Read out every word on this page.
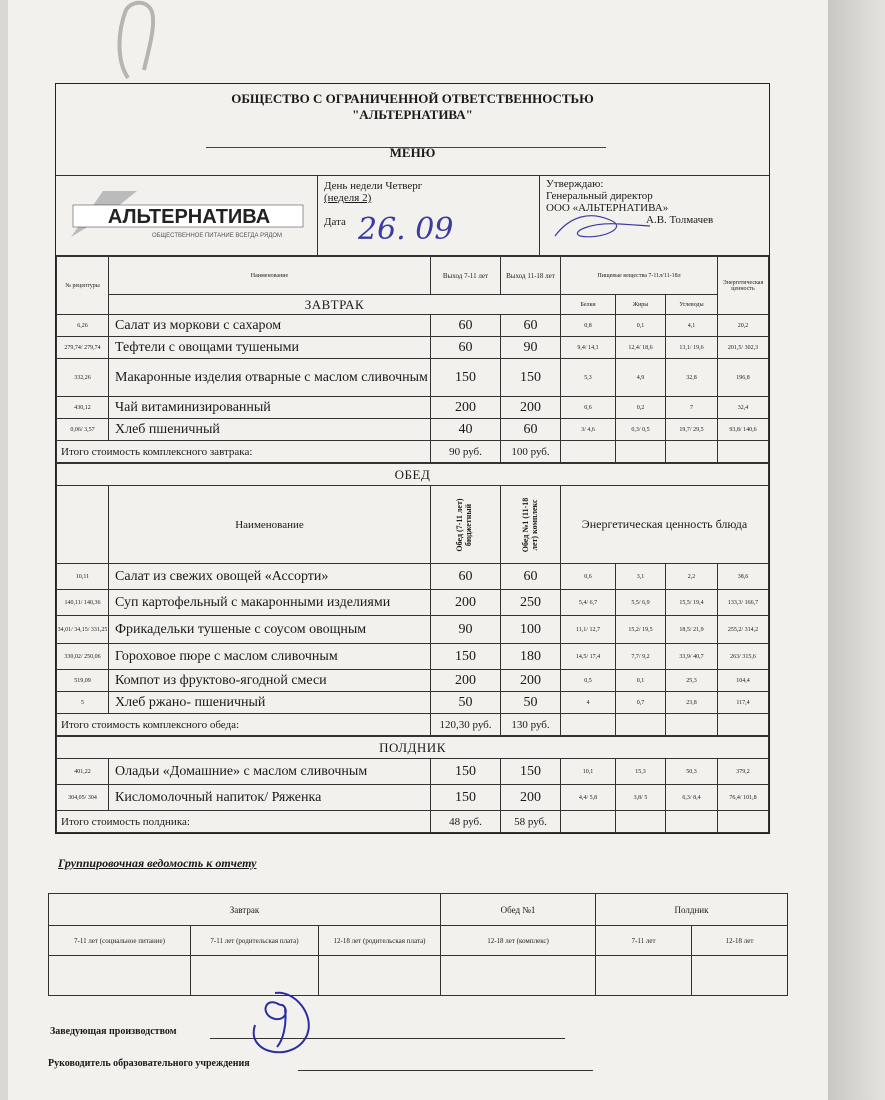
ОБЩЕСТВО С ОГРАНИЧЕННОЙ ОТВЕТСТВЕННОСТЬЮ
"АЛЬТЕРНАТИВА"
МЕНЮ
АЛЬТЕРНАТИВА
ОБЩЕСТВЕННОЕ ПИТАНИЕ ВСЕГДА РЯДОМ
День недели Четверг
(неделя 2)
Дата 26. 09
Утверждаю:
Генеральный директор
ООО «АЛЬТЕРНАТИВА»
А.В. Толмачев
№ рецептуры	Наименование	Выход 7-11 лет	Выход 11-18 лет	Пищевые вещества 7-11л/11-18л			Энергетическая ценность
	ЗАВТРАК			Белки	Жиры	Углеводы	
6,26	Салат из моркови с сахаром	60	60	0,8	0,1	4,1	20,2
279,74/ 279,74	Тефтели с овощами тушеными	60	90	9,4/ 14,1	12,4/ 18,6	13,1/ 19,6	201,5/ 302,3
332,26	Макаронные изделия отварные с маслом сливочным	150	150	5,3	4,9	32,8	196,8
430,12	Чай витаминизированный	200	200	0,6	0,2	7	32,4
0,06/ 3,57	Хлеб пшеничный	40	60	3/ 4,6	0,3/ 0,5	19,7/ 29,5	93,8/ 140,6
Итого стоимость комплексного завтрака:		90 руб.	100 руб.				
ОБЕД							
	Наименование	Обед (7-11 лет) бюджетный	Обед №1 (11-18 лет) комплекс	Энергетическая ценность блюда			
10,11	Салат из свежих овощей «Ассорти»	60	60	0,6	3,1	2,2	38,6
140,11/ 140,36	Суп картофельный с макаронными изделиями	200	250	5,4/ 6,7	5,5/ 6,9	15,5/ 19,4	133,3/ 166,7
34,01/ 34,15/ 331,25	Фрикадельки тушеные с соусом овощным	90	100	11,1/ 12,7	15,2/ 19,5	18,5/ 21,9	255,2/ 314,2
330,02/ 250,06	Гороховое пюре с маслом сливочным	150	180	14,5/ 17,4	7,7/ 9,2	33,9/ 40,7	263/ 315,6
519,09	Компот из фруктово-ягодной смеси	200	200	0,5	0,1	25,3	104,4
5	Хлеб ржано- пшеничный	50	50	4	0,7	23,8	117,4
Итого стоимость комплексного обеда:		120,30 руб.	130 руб.				
ПОЛДНИК							
401,22	Оладьи «Домашние» с маслом сливочным	150	150	10,1	15,3	50,3	379,2
304,05/ 304	Кисломолочный напиток/ Ряженка	150	200	4,4/ 5,8	3,8/ 5	6,3/ 8,4	76,4/ 101,8
Итого стоимость полдника:		48 руб.	58 руб.				
Группировочная ведомость к отчету
Завтрак			Обед №1	Полдник	
7-11 лет (социальное питание)	7-11 лет (родительская плата)	12-18 лет (родительская плата)	12-18 лет (комплекс)	7-11 лет	12-18 лет

Заведующая производством
Руководитель образовательного учреждения
